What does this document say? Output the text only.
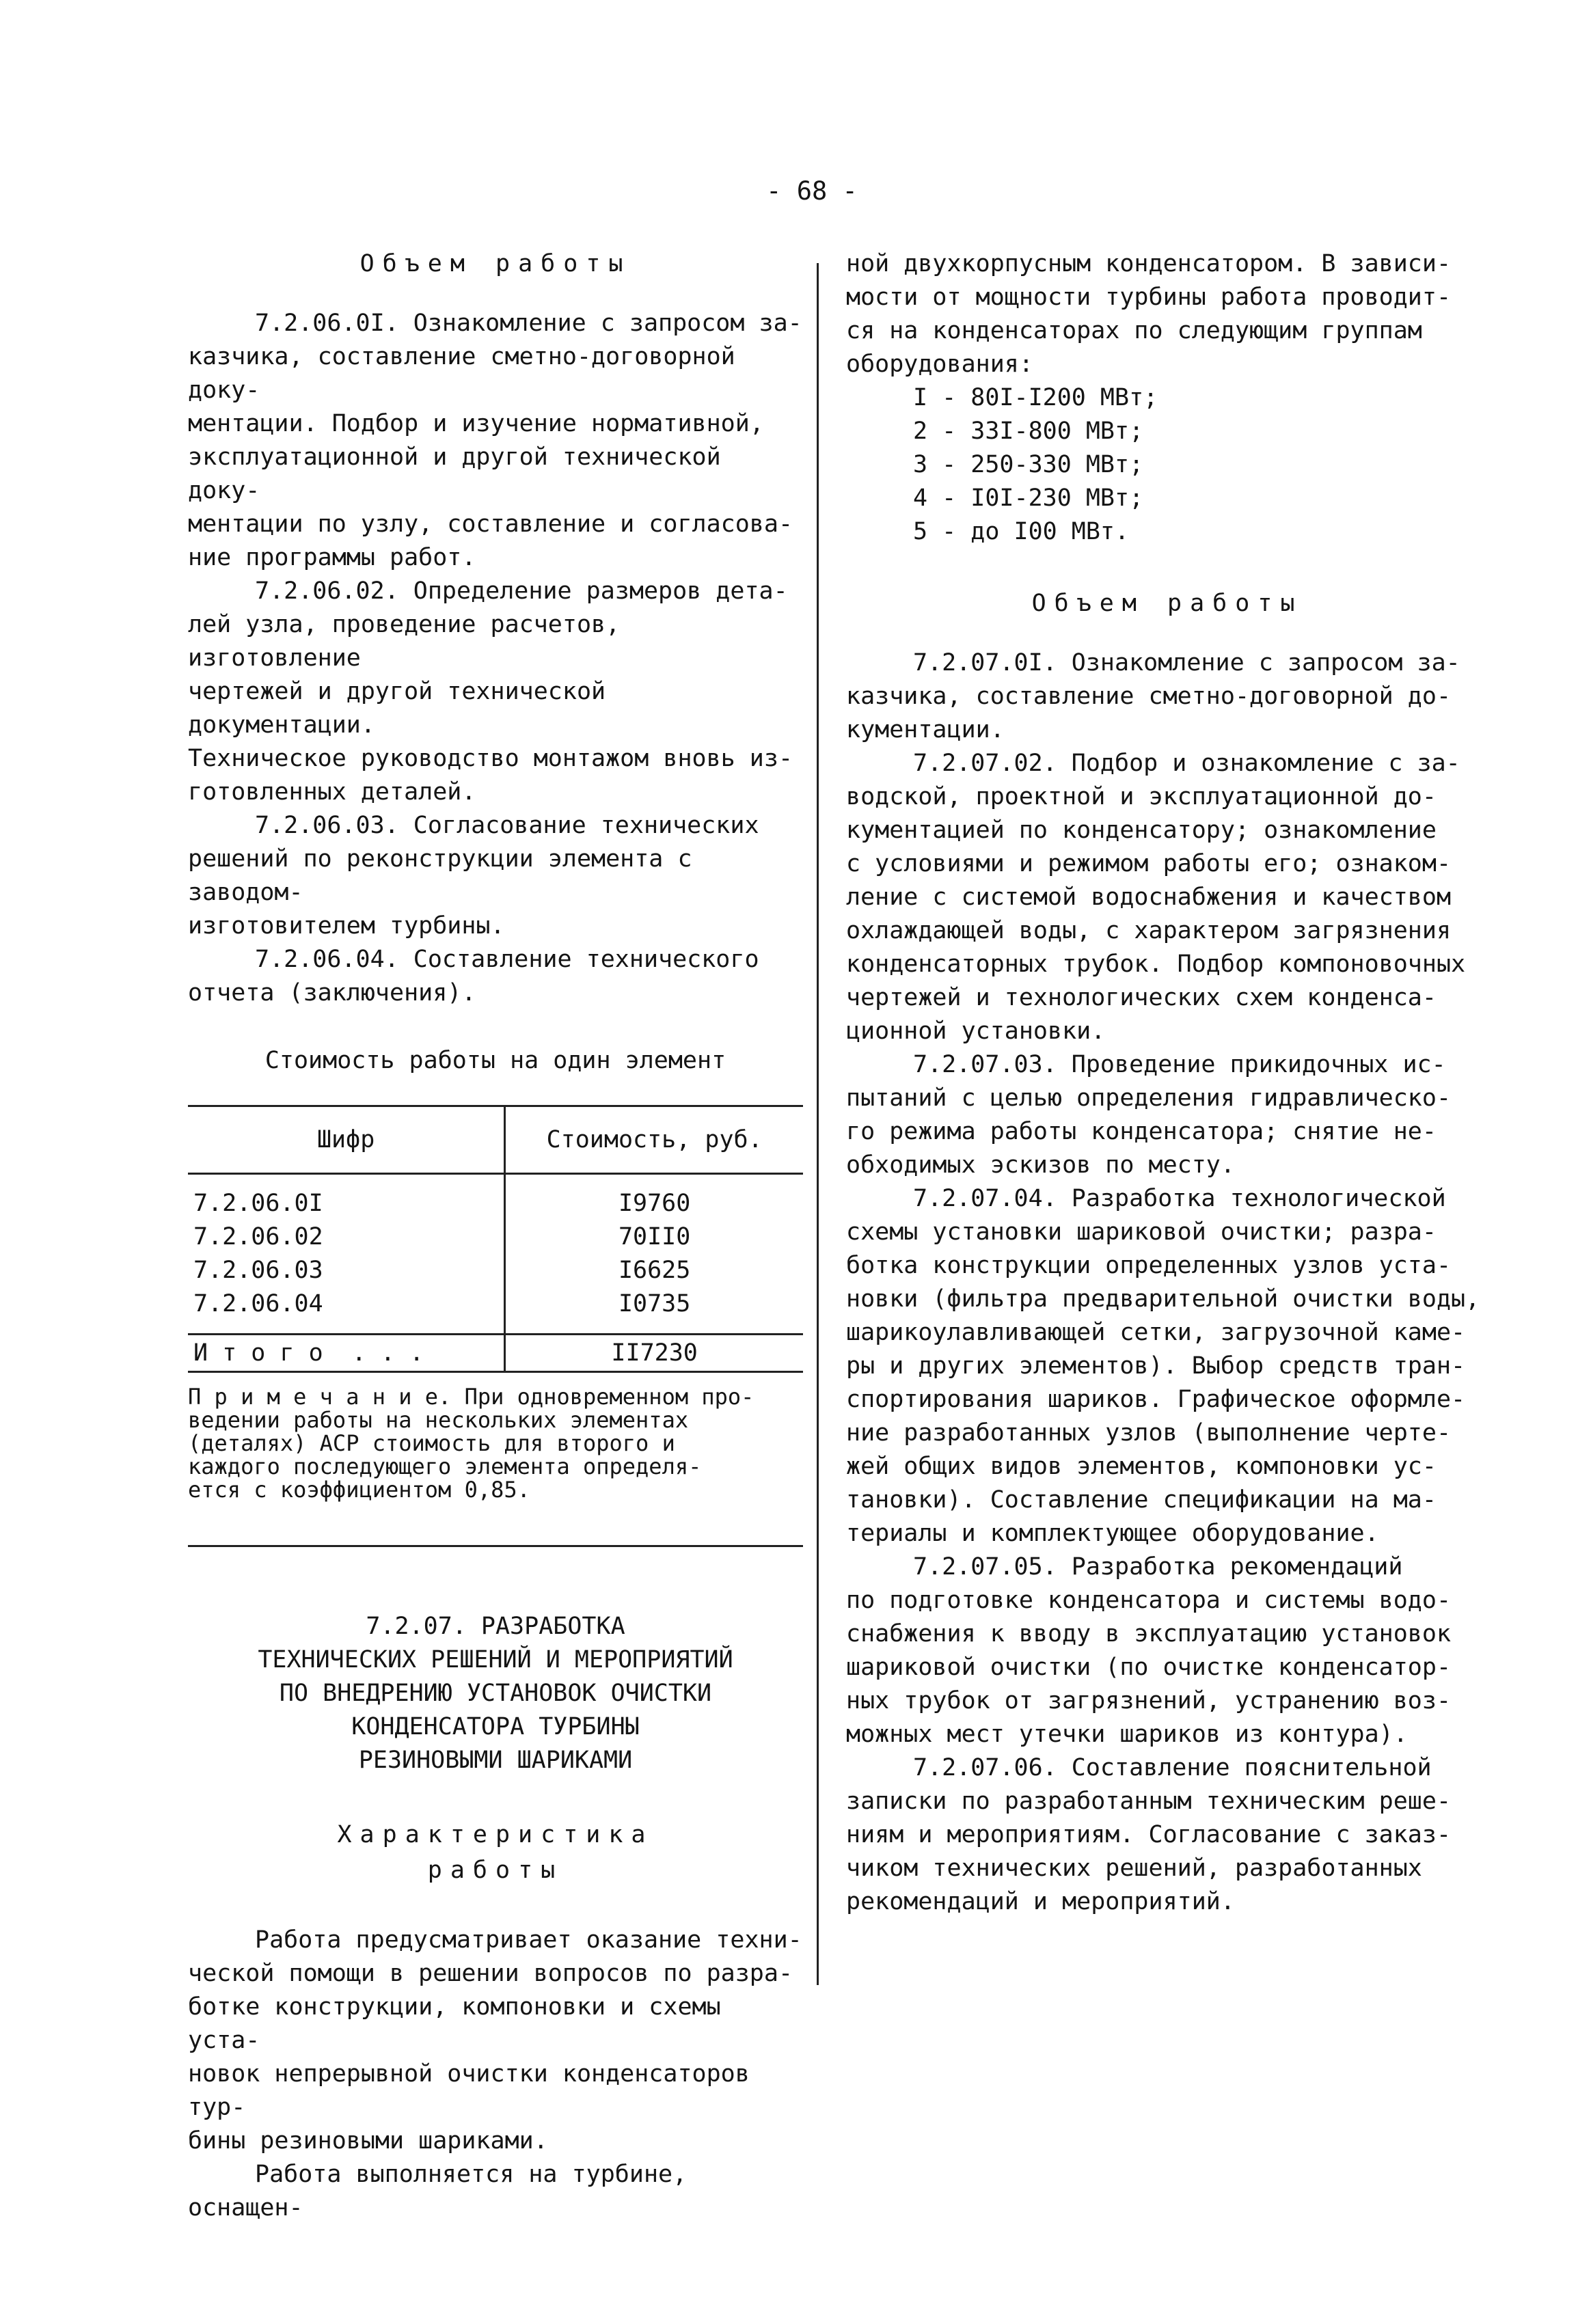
- 68 -
Объем работы

7.2.06.0I. Ознакомление с запросом за-
казчика, составление сметно-договорной доку-
ментации. Подбор и изучение нормативной,
эксплуатационной и другой технической доку-
ментации по узлу, составление и согласова-
ние программы работ.

7.2.06.02. Определение размеров дета-
лей узла, проведение расчетов, изготовление
чертежей и другой технической документации.
Техническое руководство монтажом вновь из-
готовленных деталей.

7.2.06.03. Согласование технических
решений по реконструкции элемента с заводом-
изготовителем турбины.

7.2.06.04. Составление технического
отчета (заключения).

Стоимость работы на один элемент

Шифр	Стоимость, руб.
7.2.06.0I	I9760
7.2.06.02	70II0
7.2.06.03	I6625
7.2.06.04	I0735
И т о г о  . . .	II7230

П р и м е ч а н и е. При одновременном про-
ведении работы на нескольких элементах
(деталях) АСР стоимость для второго и
каждого последующего элемента определя-
ется с коэффициентом 0,85.

7.2.07. РАЗРАБОТКА
ТЕХНИЧЕСКИХ РЕШЕНИЙ И МЕРОПРИЯТИЙ
ПО ВНЕДРЕНИЮ УСТАНОВОК ОЧИСТКИ
КОНДЕНСАТОРА ТУРБИНЫ
РЕЗИНОВЫМИ ШАРИКАМИ

Характеристика
работы

Работа предусматривает оказание техни-
ческой помощи в решении вопросов по разра-
ботке конструкции, компоновки и схемы уста-
новок непрерывной очистки конденсаторов тур-
бины резиновыми шариками.

Работа выполняется на турбине, оснащен-

ной двухкорпусным конденсатором. В зависи-
мости от мощности турбины работа проводит-
ся на конденсаторах по следующим группам
оборудования:

I - 80I-I200 МВт;
2 - 33I-800 МВт;
3 - 250-330 МВт;
4 - I0I-230 МВт;
5 - до I00 МВт.

Объем работы

7.2.07.0I. Ознакомление с запросом за-
казчика, составление сметно-договорной до-
кументации.

7.2.07.02. Подбор и ознакомление с за-
водской, проектной и эксплуатационной до-
кументацией по конденсатору; ознакомление
с условиями и режимом работы его; ознаком-
ление с системой водоснабжения и качеством
охлаждающей воды, с характером загрязнения
конденсаторных трубок. Подбор компоновочных
чертежей и технологических схем конденса-
ционной установки.

7.2.07.03. Проведение прикидочных ис-
пытаний с целью определения гидравлическо-
го режима работы конденсатора; снятие не-
обходимых эскизов по месту.

7.2.07.04. Разработка технологической
схемы установки шариковой очистки; разра-
ботка конструкции определенных узлов уста-
новки (фильтра предварительной очистки воды,
шарикоулавливающей сетки, загрузочной каме-
ры и других элементов). Выбор средств тран-
спортирования шариков. Графическое оформле-
ние разработанных узлов (выполнение черте-
жей общих видов элементов, компоновки ус-
тановки). Составление спецификации на ма-
териалы и комплектующее оборудование.

7.2.07.05. Разработка рекомендаций
по подготовке конденсатора и системы водо-
снабжения к вводу в эксплуатацию установок
шариковой очистки (по очистке конденсатор-
ных трубок от загрязнений, устранению воз-
можных мест утечки шариков из контура).

7.2.07.06. Составление пояснительной
записки по разработанным техническим реше-
ниям и мероприятиям. Согласование с заказ-
чиком технических решений, разработанных
рекомендаций и мероприятий.
